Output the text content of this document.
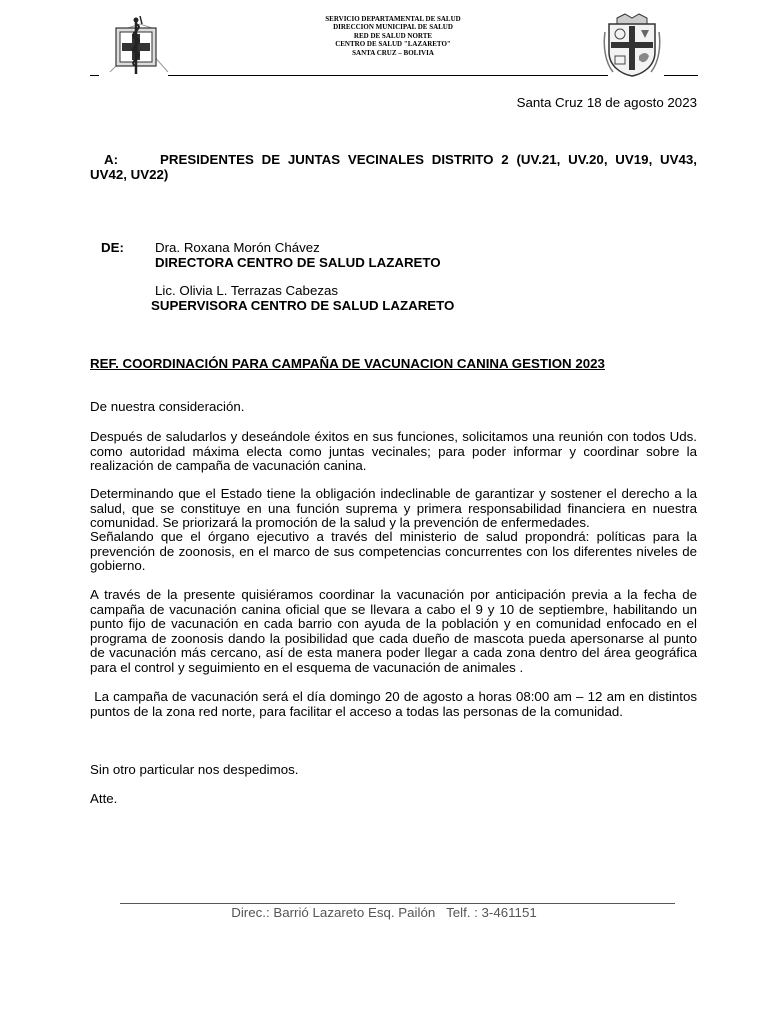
SERVICIO DEPARTAMENTAL DE SALUD
DIRECCION MUNICIPAL DE SALUD
RED DE SALUD NORTE
CENTRO DE SALUD "LAZARETO"
SANTA CRUZ – BOLIVIA
Santa Cruz 18 de agosto 2023
A:	PRESIDENTES DE JUNTAS VECINALES DISTRITO 2 (UV.21, UV.20, UV19, UV43, UV42, UV22)
DE: Dra. Roxana Morón Chávez
DIRECTORA CENTRO DE SALUD LAZARETO
Lic. Olivia L. Terrazas Cabezas
SUPERVISORA CENTRO DE SALUD LAZARETO
REF. COORDINACIÓN PARA CAMPAÑA DE VACUNACION CANINA GESTION 2023
De nuestra consideración.
Después de saludarlos y deseándole éxitos en sus funciones, solicitamos una reunión con todos Uds. como autoridad máxima electa como juntas vecinales; para poder informar y coordinar sobre la realización de campaña de vacunación canina.
Determinando que el Estado tiene la obligación indeclinable de garantizar y sostener el derecho a la salud, que se constituye en una función suprema y primera responsabilidad financiera en nuestra comunidad. Se priorizará la promoción de la salud y la prevención de enfermedades.
Señalando que el órgano ejecutivo a través del ministerio de salud propondrá: políticas para la prevención de zoonosis, en el marco de sus competencias concurrentes con los diferentes niveles de gobierno.
A través de la presente quisiéramos coordinar la vacunación por anticipación previa a la fecha de campaña de vacunación canina oficial que se llevara a cabo el 9 y 10 de septiembre, habilitando un punto fijo de vacunación en cada barrio con ayuda de la población y en comunidad enfocado en el programa de zoonosis dando la posibilidad que cada dueño de mascota pueda apersonarse al punto de vacunación más cercano, así de esta manera poder llegar a cada zona dentro del área geográfica para el control y seguimiento en el esquema de vacunación de animales .
La campaña de vacunación será el día domingo 20 de agosto a horas 08:00 am – 12 am en distintos puntos de la zona red norte, para facilitar el acceso a todas las personas de la comunidad.
Sin otro particular nos despedimos.
Atte.
Direc.: Barrió Lazareto Esq. Pailón   Telf. : 3-461151
